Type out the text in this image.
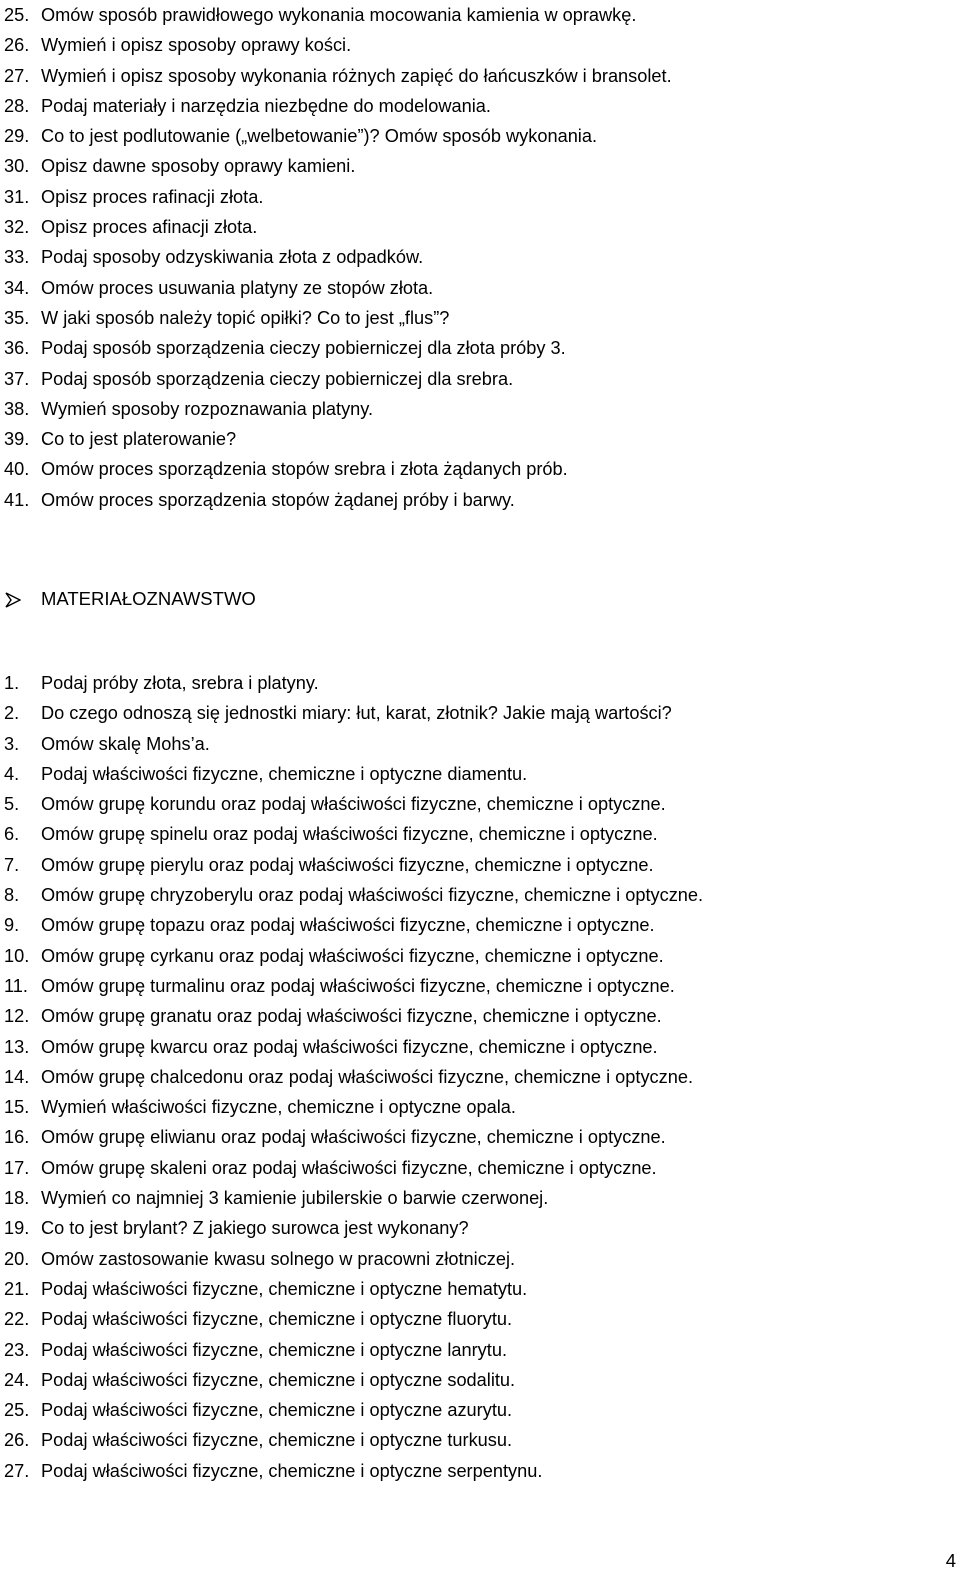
25. Omów sposób prawidłowego wykonania mocowania kamienia w oprawkę.
26. Wymień i opisz sposoby oprawy kości.
27. Wymień i opisz sposoby wykonania różnych zapięć do łańcuszków i bransolet.
28. Podaj materiały i narzędzia niezbędne do modelowania.
29. Co to jest podlutowanie („welbetowanie”)? Omów sposób wykonania.
30. Opisz dawne sposoby oprawy kamieni.
31. Opisz proces rafinacji złota.
32. Opisz proces afinacji złota.
33. Podaj sposoby odzyskiwania złota z odpadków.
34. Omów proces usuwania platyny ze stopów złota.
35. W jaki sposób należy topić opiłki? Co to jest „flus”?
36. Podaj sposób sporządzenia cieczy pobierniczej dla złota próby 3.
37. Podaj sposób sporządzenia cieczy pobierniczej dla srebra.
38. Wymień sposoby rozpoznawania platyny.
39. Co to jest platerowanie?
40. Omów proces sporządzenia stopów srebra i złota żądanych prób.
41. Omów proces sporządzenia stopów żądanej próby i barwy.
MATERIAŁOZNAWSTWO
1. Podaj próby złota, srebra i platyny.
2. Do czego odnoszą się jednostki miary: łut, karat, złotnik? Jakie mają wartości?
3. Omów skalę Mohs’a.
4. Podaj właściwości fizyczne, chemiczne i optyczne diamentu.
5. Omów grupę korundu oraz podaj właściwości fizyczne, chemiczne i optyczne.
6. Omów grupę spinelu oraz podaj właściwości fizyczne, chemiczne i optyczne.
7. Omów grupę pierylu oraz podaj właściwości fizyczne, chemiczne i optyczne.
8. Omów grupę chryzoberylu oraz podaj właściwości fizyczne, chemiczne i optyczne.
9. Omów grupę topazu oraz podaj właściwości fizyczne, chemiczne i optyczne.
10. Omów grupę cyrkanu oraz podaj właściwości fizyczne, chemiczne i optyczne.
11. Omów grupę turmalinu oraz podaj właściwości fizyczne, chemiczne i optyczne.
12. Omów grupę granatu oraz podaj właściwości fizyczne, chemiczne i optyczne.
13. Omów grupę kwarcu oraz podaj właściwości fizyczne, chemiczne i optyczne.
14. Omów grupę chalcedonu oraz podaj właściwości fizyczne, chemiczne i optyczne.
15. Wymień właściwości fizyczne, chemiczne i optyczne opala.
16. Omów grupę eliwianu oraz podaj właściwości fizyczne, chemiczne i optyczne.
17. Omów grupę skaleni oraz podaj właściwości fizyczne, chemiczne i optyczne.
18. Wymień co najmniej 3 kamienie jubilerskie o barwie czerwonej.
19. Co to jest brylant? Z jakiego surowca jest wykonany?
20. Omów zastosowanie kwasu solnego w pracowni złotniczej.
21. Podaj właściwości fizyczne, chemiczne i optyczne hematytu.
22. Podaj właściwości fizyczne, chemiczne i optyczne fluorytu.
23. Podaj właściwości fizyczne, chemiczne i optyczne lanrytu.
24. Podaj właściwości fizyczne, chemiczne i optyczne sodalitu.
25. Podaj właściwości fizyczne, chemiczne i optyczne azurytu.
26. Podaj właściwości fizyczne, chemiczne i optyczne turkusu.
27. Podaj właściwości fizyczne, chemiczne i optyczne serpentynu.
4
